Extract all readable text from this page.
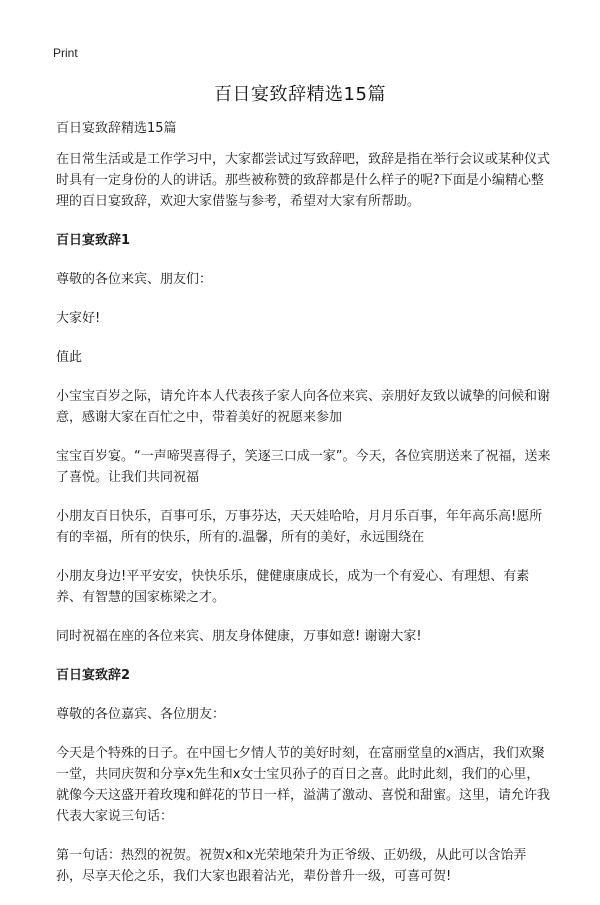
Print
百日宴致辞精选15篇

百日宴致辞精选15篇

在日常生活或是工作学习中，大家都尝试过写致辞吧，致辞是指在举行会议或某种仪式时具有一定身份的人的讲话。那些被称赞的致辞都是什么样子的呢?下面是小编精心整理的百日宴致辞，欢迎大家借鉴与参考，希望对大家有所帮助。

百日宴致辞1

尊敬的各位来宾、朋友们：

大家好!

值此

小宝宝百岁之际，请允许本人代表孩子家人向各位来宾、亲朋好友致以诚挚的问候和谢意，感谢大家在百忙之中，带着美好的祝愿来参加

宝宝百岁宴。“一声啼哭喜得子，笑逐三口成一家”。今天，各位宾朋送来了祝福，送来了喜悦。让我们共同祝福

小朋友百日快乐，百事可乐，万事芬达，天天娃哈哈，月月乐百事，年年高乐高!愿所有的幸福，所有的快乐，所有的.温馨，所有的美好，永远围绕在

小朋友身边!平平安安，快快乐乐，健健康康成长，成为一个有爱心、有理想、有素养、有智慧的国家栋梁之才。

同时祝福在座的各位来宾、朋友身体健康，万事如意! 谢谢大家!

百日宴致辞2

尊敬的各位嘉宾、各位朋友：

今天是个特殊的日子。在中国七夕情人节的美好时刻，在富丽堂皇的x酒店，我们欢聚一堂，共同庆贺和分享x先生和x女士宝贝孙子的百日之喜。此时此刻，我们的心里，就像今天这盛开着玫瑰和鲜花的节日一样，溢满了激动、喜悦和甜蜜。这里，请允许我代表大家说三句话：

第一句话：热烈的祝贺。祝贺x和x光荣地荣升为正爷级、正奶级，从此可以含饴弄孙，尽享天伦之乐，我们大家也跟着沾光，辈份普升一级，可喜可贺!
